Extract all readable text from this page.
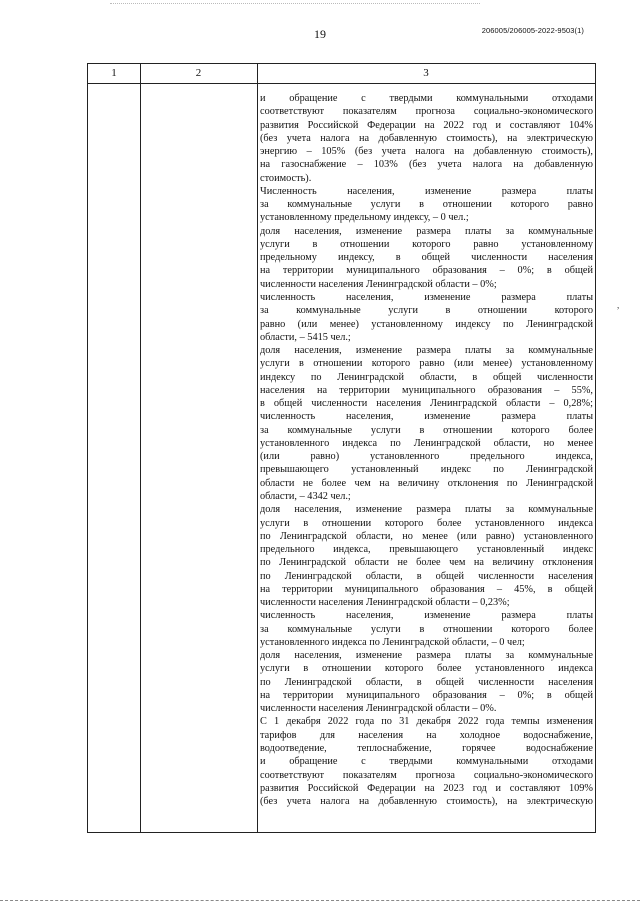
19	206005/206005-2022-9503(1)
,
1	2	3
и обращение с твердыми коммунальными отходами
соответствуют показателям прогноза социально-экономического
развития Российской Федерации на 2022 год и составляют 104%
(без учета налога на добавленную стоимость), на электрическую
энергию – 105% (без учета налога на добавленную стоимость),
на газоснабжение – 103% (без учета налога на добавленную
стоимость).
Численность населения, изменение размера платы
за коммунальные услуги в отношении которого равно
установленному предельному индексу, – 0 чел.;
доля населения, изменение размера платы за коммунальные
услуги в отношении которого равно установленному
предельному индексу, в общей численности населения
на территории муниципального образования – 0%; в общей
численности населения Ленинградской области – 0%;
численность населения, изменение размера платы
за коммунальные услуги в отношении которого
равно (или менее) установленному индексу по Ленинградской
области, – 5415 чел.;
доля населения, изменение размера платы за коммунальные
услуги в отношении которого равно (или менее) установленному
индексу по Ленинградской области, в общей численности
населения на территории муниципального образования – 55%,
в общей численности населения Ленинградской области – 0,28%;
численность населения, изменение размера платы
за коммунальные услуги в отношении которого более
установленного индекса по Ленинградской области, но менее
(или равно) установленного предельного индекса,
превышающего установленный индекс по Ленинградской
области не более чем на величину отклонения по Ленинградской
области, – 4342 чел.;
доля населения, изменение размера платы за коммунальные
услуги в отношении которого более установленного индекса
по Ленинградской области, но менее (или равно) установленного
предельного индекса, превышающего установленный индекс
по Ленинградской области не более чем на величину отклонения
по Ленинградской области, в общей численности населения
на территории муниципального образования – 45%, в общей
численности населения Ленинградской области – 0,23%;
численность населения, изменение размера платы
за коммунальные услуги в отношении которого более
установленного индекса по Ленинградской области, – 0 чел;
доля населения, изменение размера платы за коммунальные
услуги в отношении которого более установленного индекса
по Ленинградской области, в общей численности населения
на территории муниципального образования – 0%; в общей
численности населения Ленинградской области – 0%.
С 1 декабря 2022 года по 31 декабря 2022 года темпы изменения
тарифов для населения на холодное водоснабжение,
водоотведение, теплоснабжение, горячее водоснабжение
и обращение с твердыми коммунальными отходами
соответствуют показателям прогноза социально-экономического
развития Российской Федерации на 2023 год и составляют 109%
(без учета налога на добавленную стоимость), на электрическую
